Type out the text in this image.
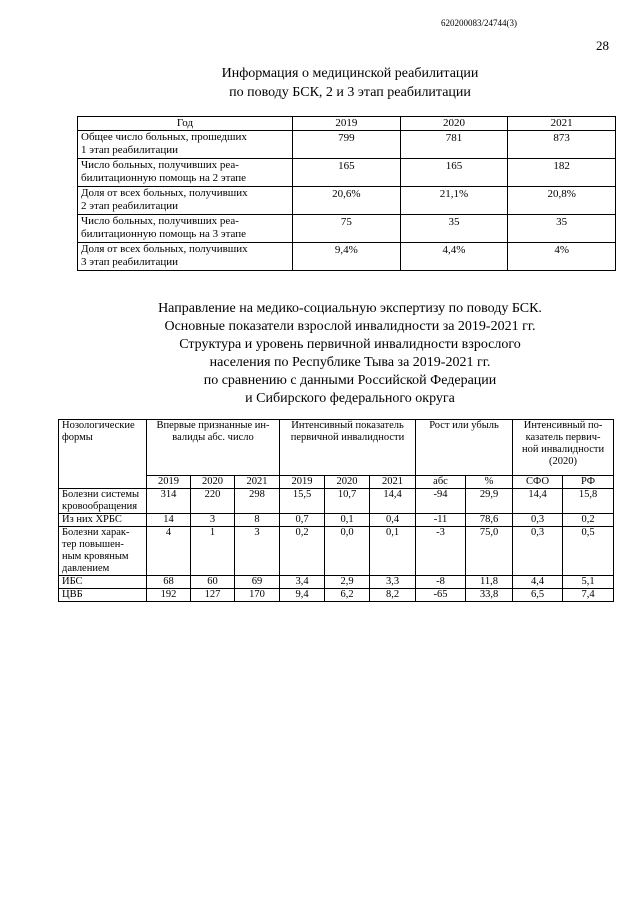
620200083/24744(3)
28
Информация о медицинской реабилитации
по поводу БСК, 2 и 3 этап реабилитации
Год	2019	2020	2021
Общее число больных, прошедших
1 этап реабилитации	799	781	873
Число больных, получивших реа-
билитационную помощь на 2 этапе	165	165	182
Доля от всех больных, получивших
2 этап реабилитации	20,6%	21,1%	20,8%
Число больных, получивших реа-
билитационную помощь на 3 этапе	75	35	35
Доля от всех больных, получивших
3 этап реабилитации	9,4%	4,4%	4%
Направление на медико-социальную экспертизу по поводу БСК.
Основные показатели взрослой инвалидности за 2019-2021 гг.
Структура и уровень первичной инвалидности взрослого
населения по Республике Тыва за 2019-2021 гг.
по сравнению с данными Российской Федерации
и Сибирского федерального округа
Нозологические
формы	Впервые признанные ин-
валиды абс. число			Интенсивный показатель
первичной инвалидности			Рост или убыль		Интенсивный по-
казатель первич-
ной инвалидности
(2020)	
	2019	2020	2021	2019	2020	2021	абс	%	СФО	РФ
Болезни системы
кровообращения	314	220	298	15,5	10,7	14,4	-94	29,9	14,4	15,8
Из них ХРБС	14	3	8	0,7	0,1	0,4	-11	78,6	0,3	0,2
Болезни харак-
тер повышен-
ным кровяным
давлением	4	1	3	0,2	0,0	0,1	-3	75,0	0,3	0,5
ИБС	68	60	69	3,4	2,9	3,3	-8	11,8	4,4	5,1
ЦВБ	192	127	170	9,4	6,2	8,2	-65	33,8	6,5	7,4
